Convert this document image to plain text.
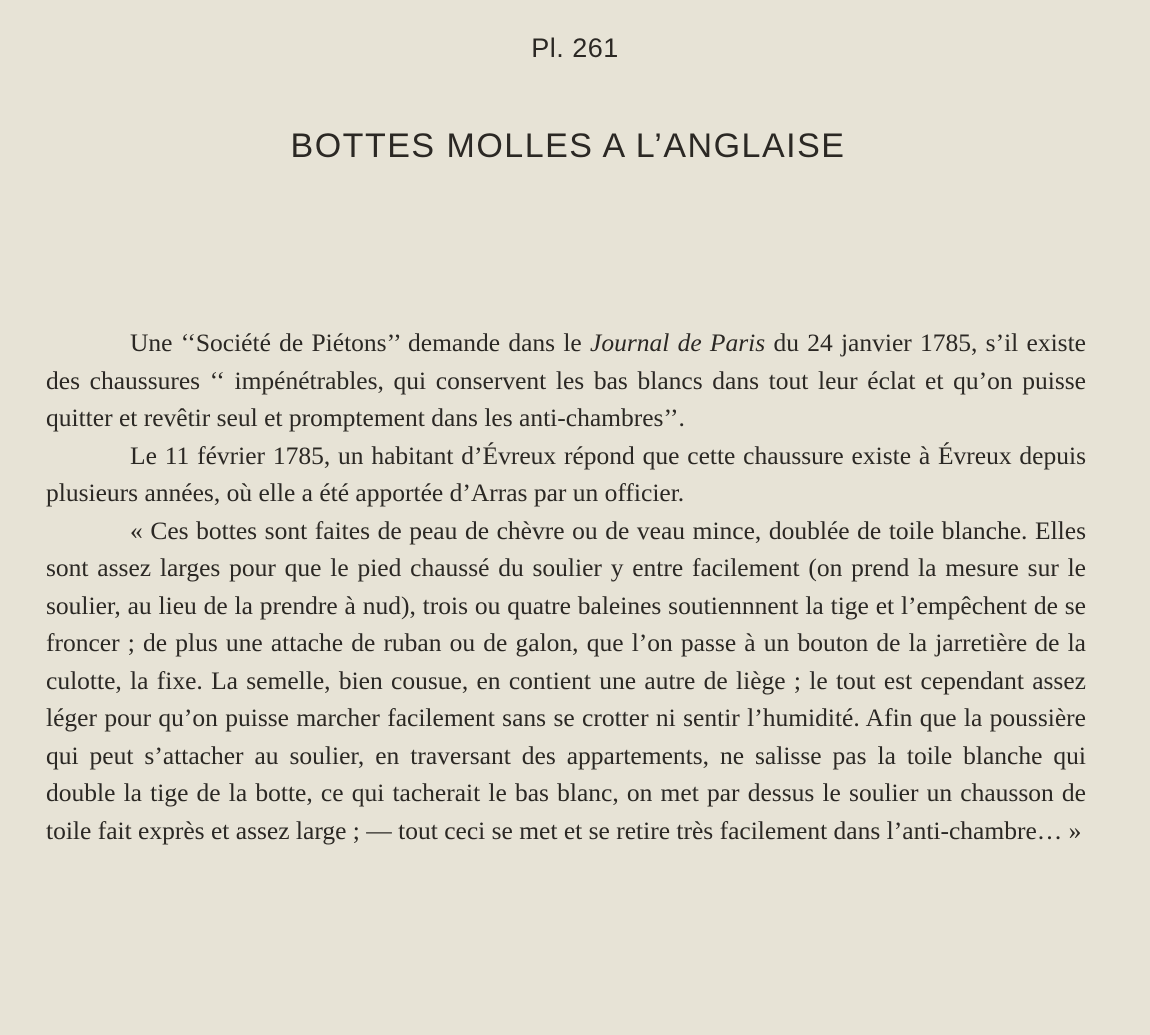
Pl. 261
BOTTES MOLLES A L’ANGLAISE

Une ‘‘Société de Piétons’’ demande dans le Journal de Paris du 24 janvier 1785, s’il existe des chaussures ‘‘ impénétrables, qui conservent les bas blancs dans tout leur éclat et qu’on puisse quitter et revêtir seul et promptement dans les anti-chambres’’.

Le 11 février 1785, un habitant d’Évreux répond que cette chaussure existe à Évreux depuis plusieurs années, où elle a été apportée d’Arras par un officier.

« Ces bottes sont faites de peau de chèvre ou de veau mince, doublée de toile blanche. Elles sont assez larges pour que le pied chaussé du soulier y entre facilement (on prend la mesure sur le soulier, au lieu de la prendre à nud), trois ou quatre baleines soutiennnent la tige et l’empêchent de se froncer ; de plus une attache de ruban ou de galon, que l’on passe à un bouton de la jarretière de la culotte, la fixe. La semelle, bien cousue, en contient une autre de liège ; le tout est cependant assez léger pour qu’on puisse marcher facilement sans se crotter ni sentir l’humidité. Afin que la poussière qui peut s’attacher au soulier, en traversant des appartements, ne salisse pas la toile blanche qui double la tige de la botte, ce qui tacherait le bas blanc, on met par dessus le soulier un chausson de toile fait exprès et assez large ; — tout ceci se met et se retire très facilement dans l’anti-chambre… »
